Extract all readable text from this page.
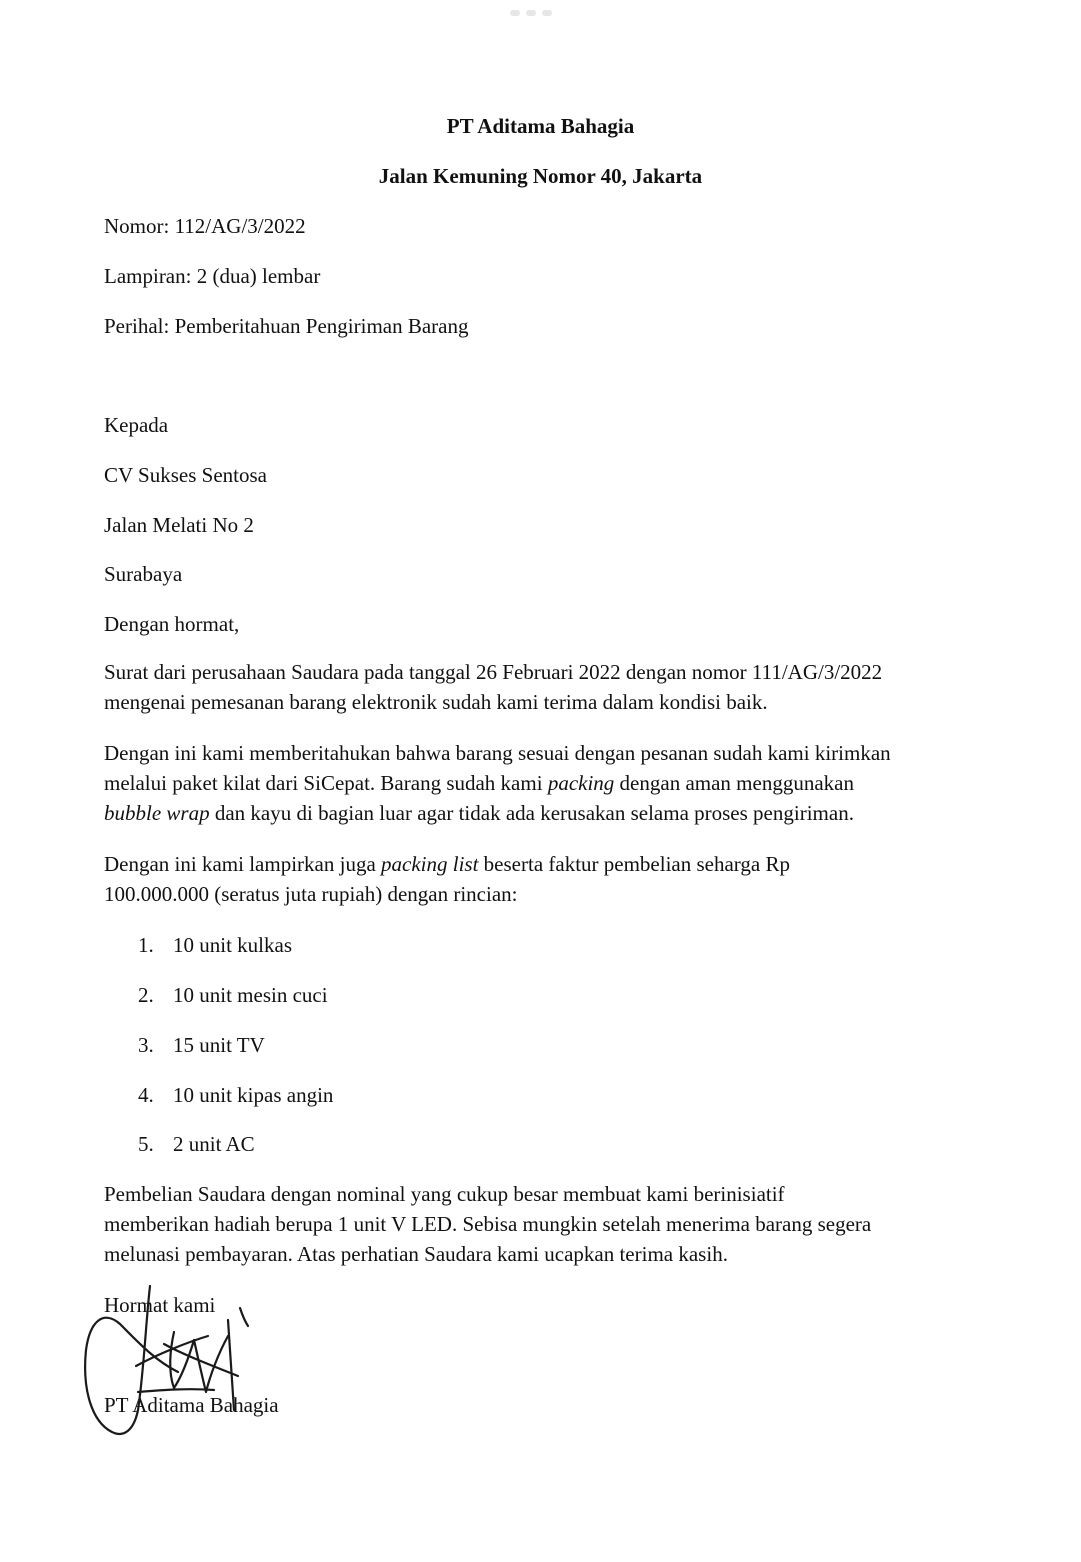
PT Aditama Bahagia
Jalan Kemuning Nomor 40, Jakarta
Nomor: 112/AG/3/2022
Lampiran: 2 (dua) lembar
Perihal: Pemberitahuan Pengiriman Barang
Kepada
CV Sukses Sentosa
Jalan Melati No 2
Surabaya
Dengan hormat,
Surat dari perusahaan Saudara pada tanggal 26 Februari 2022 dengan nomor 111/AG/3/2022
mengenai pemesanan barang elektronik sudah kami terima dalam kondisi baik.
Dengan ini kami memberitahukan bahwa barang sesuai dengan pesanan sudah kami kirimkan
melalui paket kilat dari SiCepat. Barang sudah kami packing dengan aman menggunakan
bubble wrap dan kayu di bagian luar agar tidak ada kerusakan selama proses pengiriman.
Dengan ini kami lampirkan juga packing list beserta faktur pembelian seharga Rp
100.000.000 (seratus juta rupiah) dengan rincian:
1. 10 unit kulkas
2. 10 unit mesin cuci
3. 15 unit TV
4. 10 unit kipas angin
5. 2 unit AC
Pembelian Saudara dengan nominal yang cukup besar membuat kami berinisiatif
memberikan hadiah berupa 1 unit V LED. Sebisa mungkin setelah menerima barang segera
melunasi pembayaran. Atas perhatian Saudara kami ucapkan terima kasih.
Hormat kami
PT Aditama Bahagia
